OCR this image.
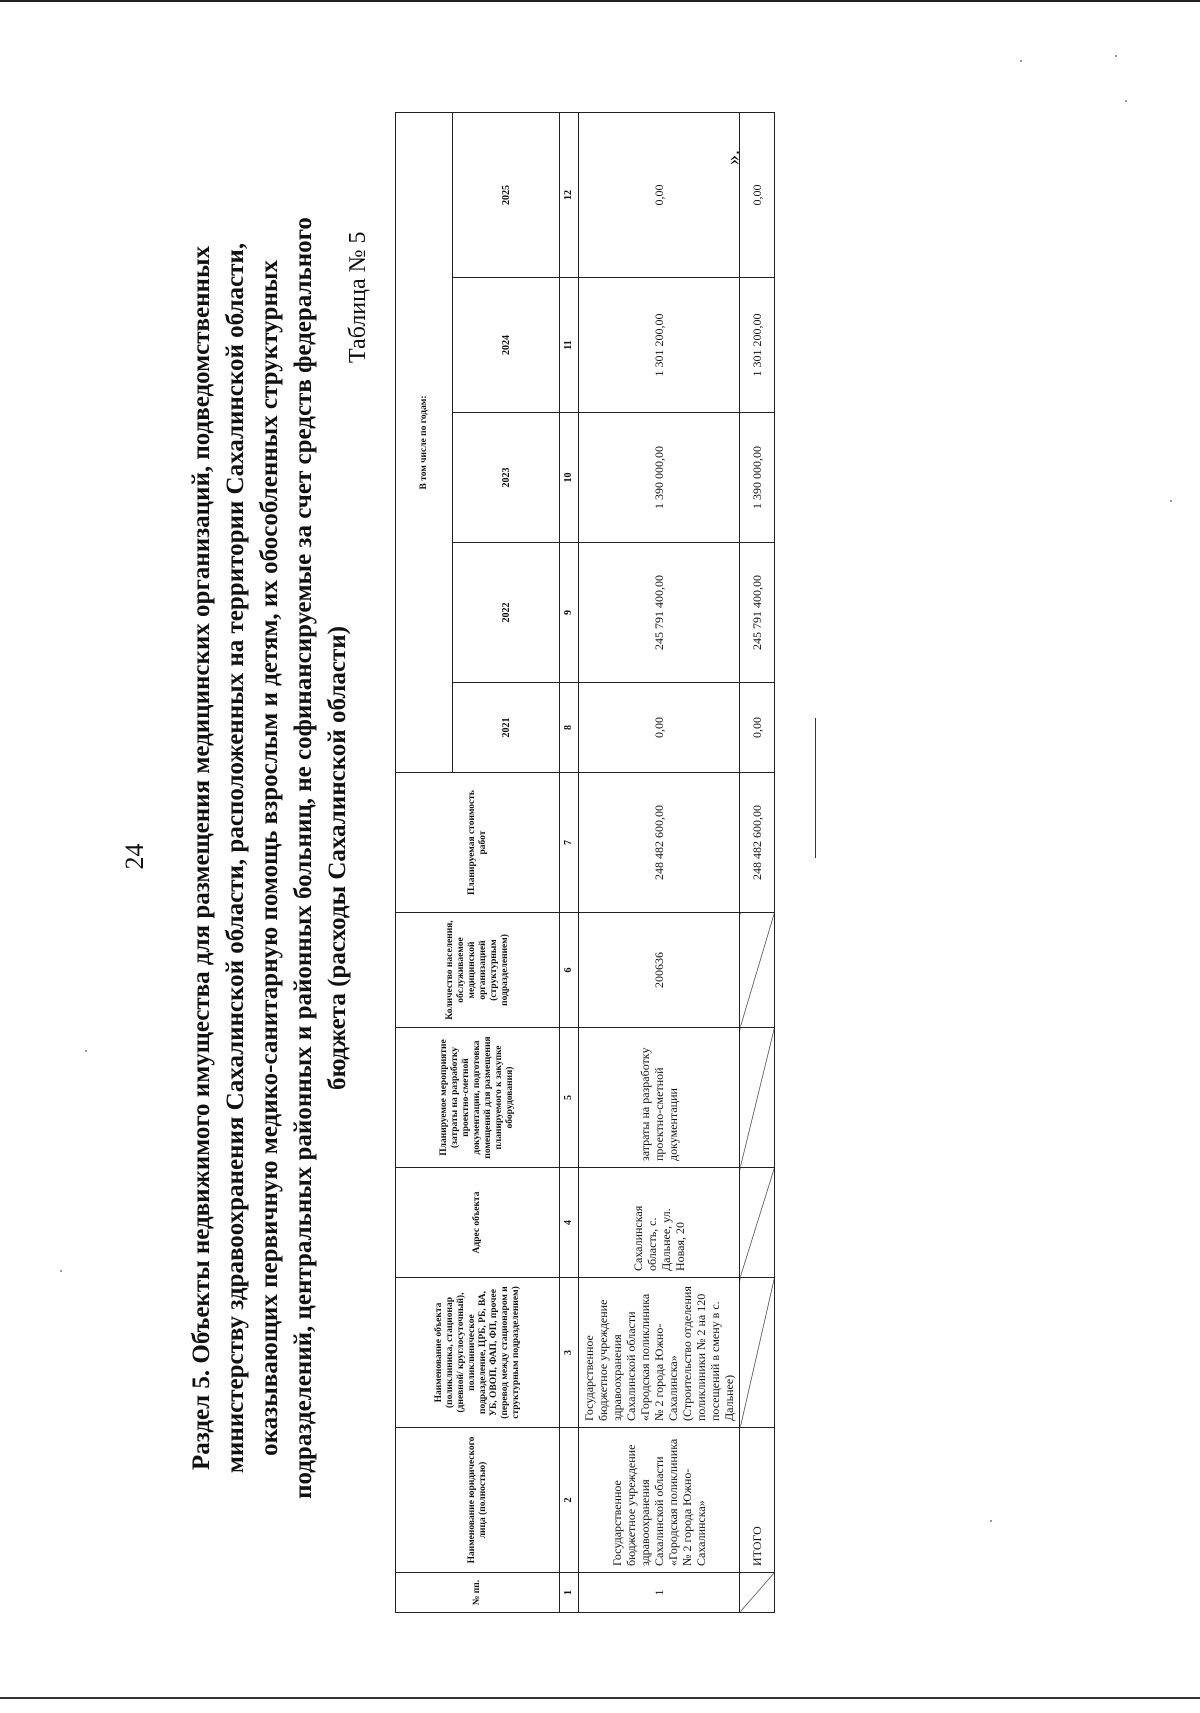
24 Раздел 5. Объекты недвижимого имущества для размещения медицинских организаций, подведомственных министерству здравоохранения Сахалинской области, расположенных на территории Сахалинской области, оказывающих первичную медико-санитарную помощь взрослым и детям, их обособленных структурных подразделений, центральных районных и районных больниц, не софинансируемые за счет средств федерального бюджета (расходы Сахалинской области)
Таблица № 5
№ пп.	Наименование юридического лица (полностью)	Наименование объекта (поликлиника, стационар (дневной/ круглосуточный), поликлиническое подразделение, ЦРБ, РБ, ВА, УБ, ОВОП, ФАП, ФП, прочее (перевод между стационаром и структурным подразделением)	Адрес объекта	Планируемое мероприятие (затраты на разработку проектно-сметной документации, подготовка помещений для размещения планируемого к закупке оборудования)	Количество населения, обслуживаемое медицинской организацией (структурным подразделением)	Планируемая стоимость работ	В том числе по годам:				
							2021	2022	2023	2024	2025
1	2	3	4	5	6	7	8	9	10	11	12
1	Государственное бюджетное учреждение здравоохранения Сахалинской области «Городская поликлиника № 2 города Южно-Сахалинска»	Государственное бюджетное учреждение здравоохранения Сахалинской области «Городская поликлиника № 2 города Южно-Сахалинска» (Строительство отделения поликлиники № 2 на 120 посещений в смену в с. Дальнее)	Сахалинская область, с. Дальнее, ул. Новая, 20	затраты на разработку проектно-сметной документации	200636	248 482 600,00	0,00	245 791 400,00	1 390 000,00	1 301 200,00	0,00
	ИТОГО					248 482 600,00	0,00	245 791 400,00	1 390 000,00	1 301 200,00	0,00
».
